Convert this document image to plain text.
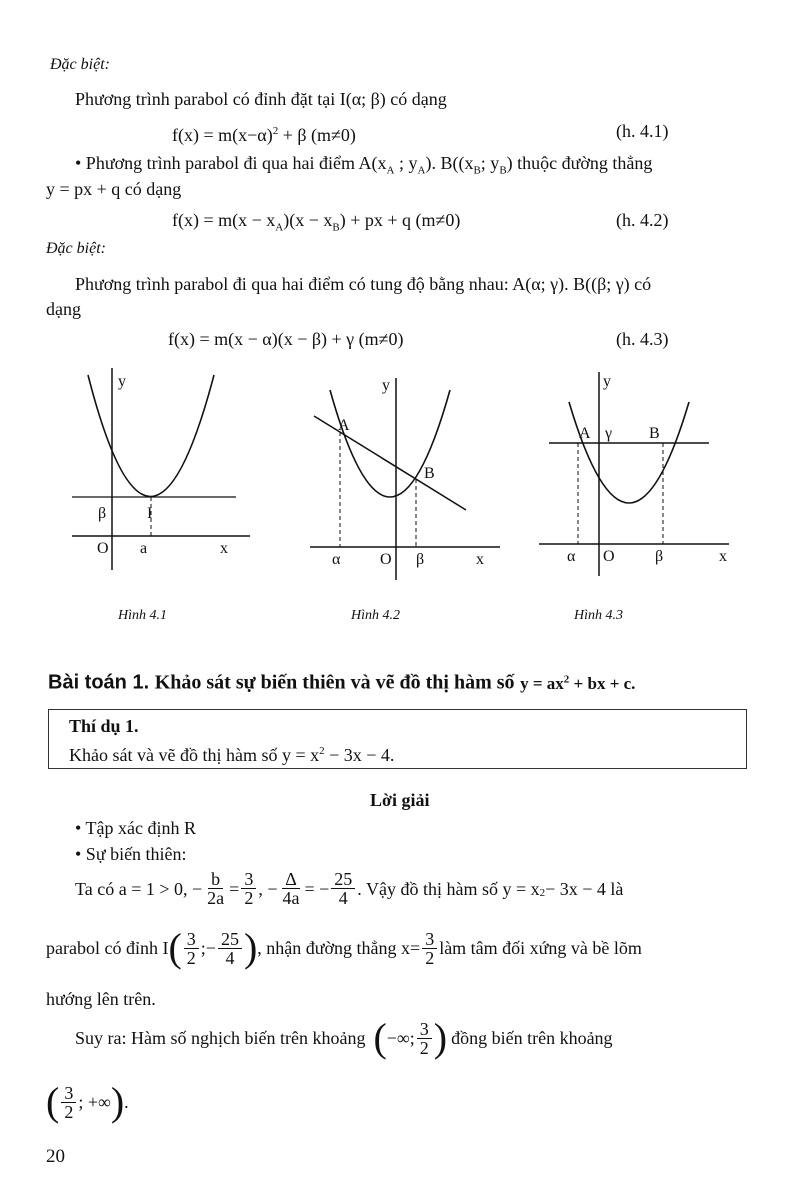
Đặc biệt:
Phương trình parabol có đỉnh đặt tại I(α; β) có dạng
$f(x) = m(x-\alpha)^2 + \beta$ (m≠0)	(h. 4.1)
• Phương trình parabol đi qua hai điểm $A(x_A$ ; $y_A$). $B((x_B$; $y_B$) thuộc đường thẳng
y = px + q có dạng
$f(x) = m(x - x_A)(x - x_B)$ + px + q (m≠0)	(h. 4.2)
Đặc biệt:
Phương trình parabol đi qua hai điểm có tung độ bằng nhau: A(α; γ). B((β; γ) có
dạng
f(x) = m(x − α)(x − β) + γ (m≠0)	(h. 4.3)
y
β	I
O a	x
Hình 4.1
y
A
B
α O β	x
Hình 4.2
y
A γ B
α O	β	x
Hình 4.3
Bài toán 1. Khảo sát sự biến thiên và vẽ đồ thị hàm số $y = ax^2$ + bx + c.
Thí dụ 1.
Khảo sát và vẽ đồ thị hàm số $y = x^2 - 3x - 4$.
Lời giải
• Tập xác định R
• Sự biến thiên:
Ta có a = 1 > 0, − $\frac{b}{2a} = \frac{3}{2}$ , − $\frac{\Delta}{4a}$ = − $\frac{25}{4}$ . Vậy đồ thị hàm số $y = x_2 - 3x - 4$ là
parabol có đỉnh I ( $\frac{3}{2}$ ;− $\frac{25}{4}$ ) , nhận đường thẳng $x= \frac{3}{2}$ làm tâm đối xứng và bề lõm
hướng lên trên.
Suy ra: Hàm số nghịch biến trên khoảng ( −∞; $\frac{3}{2}$ ) đồng biến trên khoảng
( $\frac{3}{2}$ ; +∞ ) .
20
